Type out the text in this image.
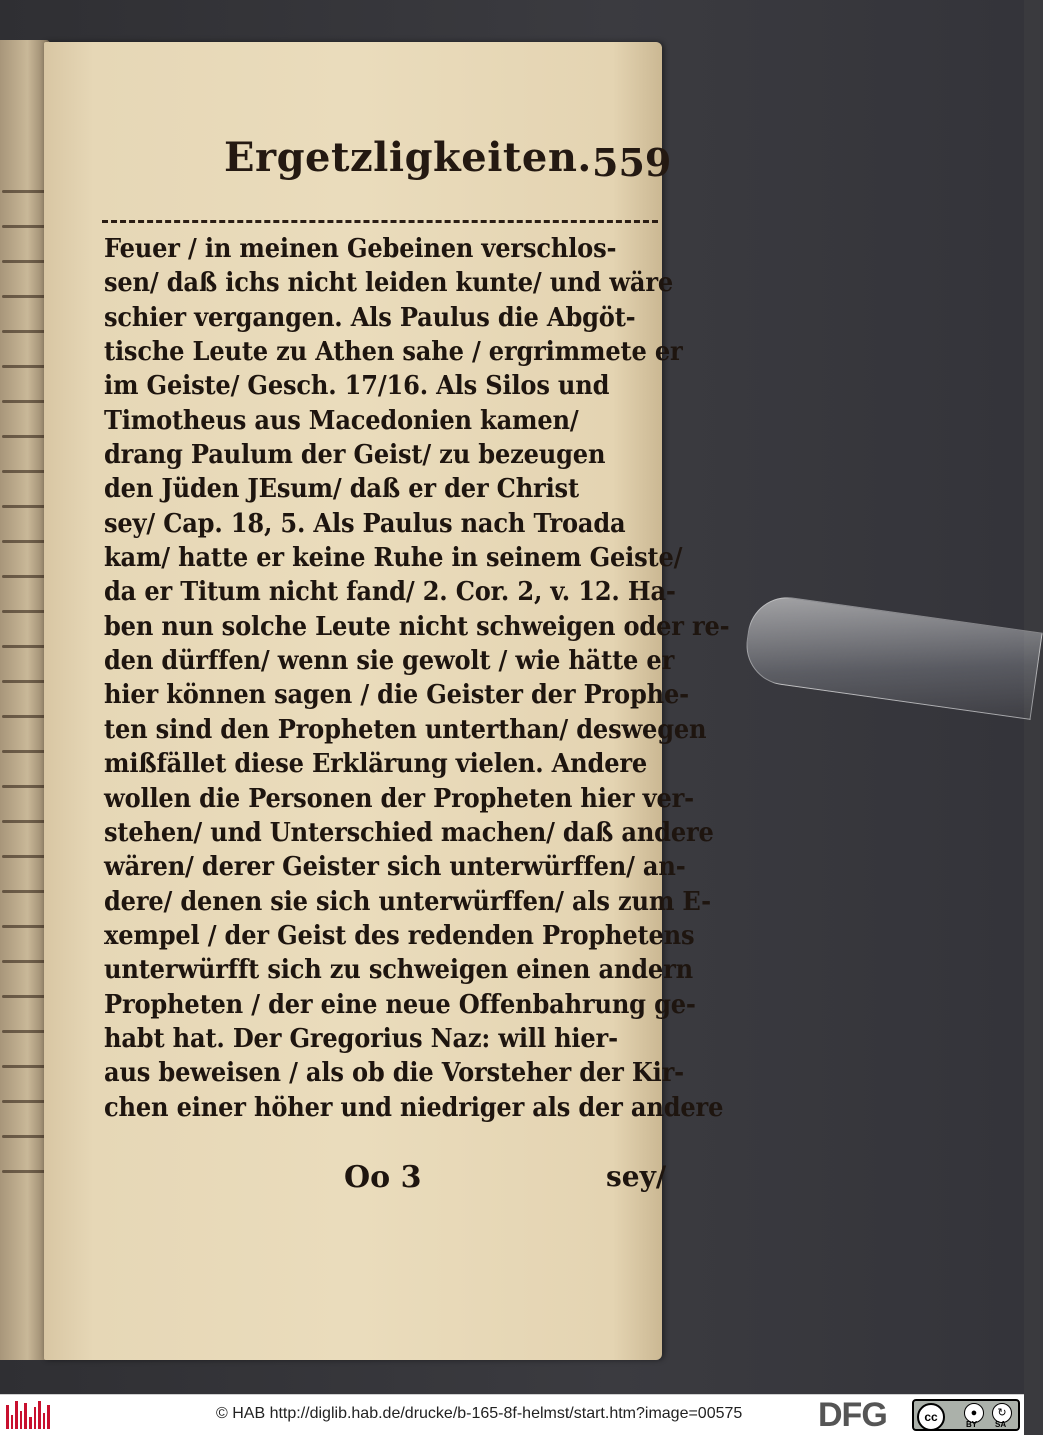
Ergetzligkeiten. 559
Feuer / in meinen Gebeinen verschlos-
sen/ daß ichs nicht leiden kunte/ und wäre
schier vergangen. Als Paulus die Abgöt-
tische Leute zu Athen sahe / ergrimmete er
im Geiste/ Gesch. 17/16. Als Silos und
Timotheus aus Macedonien kamen/
drang Paulum der Geist/ zu bezeugen
den Jüden JEsum/ daß er der Christ
sey/ Cap. 18, 5. Als Paulus nach Troada
kam/ hatte er keine Ruhe in seinem Geiste/
da er Titum nicht fand/ 2. Cor. 2, v. 12. Ha-
ben nun solche Leute nicht schweigen oder re-
den dürffen/ wenn sie gewolt / wie hätte er
hier können sagen / die Geister der Prophe-
ten sind den Propheten unterthan/ deswegen
mißfället diese Erklärung vielen. Andere
wollen die Personen der Propheten hier ver-
stehen/ und Unterschied machen/ daß andere
wären/ derer Geister sich unterwürffen/ an-
dere/ denen sie sich unterwürffen/ als zum E-
xempel / der Geist des redenden Prophetens
unterwürfft sich zu schweigen einen andern
Propheten / der eine neue Offenbahrung ge-
habt hat. Der Gregorius Naz: will hier-
aus beweisen / als ob die Vorsteher der Kir-
chen einer höher und niedriger als der andere
Oo 3	sey/
© HAB http://diglib.hab.de/drucke/b-165-8f-helmst/start.htm?image=00575 DFG	cc	●	↻
BY SA
